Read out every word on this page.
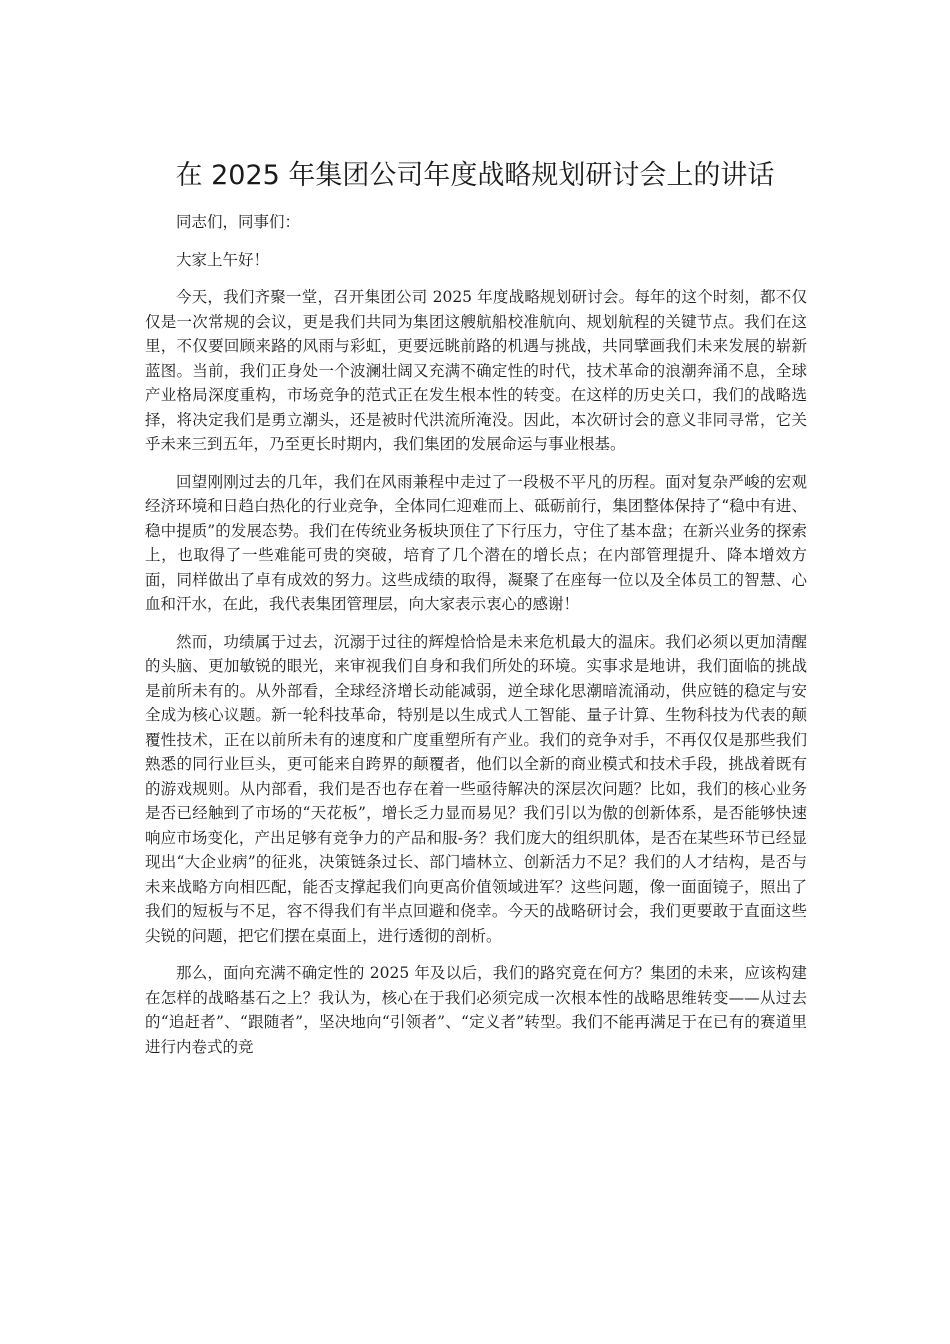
在 2025 年集团公司年度战略规划研讨会上的讲话

同志们，同事们：

大家上午好！

今天，我们齐聚一堂，召开集团公司 2025 年度战略规划研讨会。每年的这个时刻，都不仅仅是一次常规的会议，更是我们共同为集团这艘航船校准航向、规划航程的关键节点。我们在这里，不仅要回顾来路的风雨与彩虹，更要远眺前路的机遇与挑战，共同擘画我们未来发展的崭新蓝图。当前，我们正身处一个波澜壮阔又充满不确定性的时代，技术革命的浪潮奔涌不息，全球产业格局深度重构，市场竞争的范式正在发生根本性的转变。在这样的历史关口，我们的战略选择，将决定我们是勇立潮头，还是被时代洪流所淹没。因此，本次研讨会的意义非同寻常，它关乎未来三到五年，乃至更长时期内，我们集团的发展命运与事业根基。

回望刚刚过去的几年，我们在风雨兼程中走过了一段极不平凡的历程。面对复杂严峻的宏观经济环境和日趋白热化的行业竞争，全体同仁迎难而上、砥砺前行，集团整体保持了“稳中有进、稳中提质”的发展态势。我们在传统业务板块顶住了下行压力，守住了基本盘；在新兴业务的探索上，也取得了一些难能可贵的突破，培育了几个潜在的增长点；在内部管理提升、降本增效方面，同样做出了卓有成效的努力。这些成绩的取得，凝聚了在座每一位以及全体员工的智慧、心血和汗水，在此，我代表集团管理层，向大家表示衷心的感谢！

然而，功绩属于过去，沉溺于过往的辉煌恰恰是未来危机最大的温床。我们必须以更加清醒的头脑、更加敏锐的眼光，来审视我们自身和我们所处的环境。实事求是地讲，我们面临的挑战是前所未有的。从外部看，全球经济增长动能减弱，逆全球化思潮暗流涌动，供应链的稳定与安全成为核心议题。新一轮科技革命，特别是以生成式人工智能、量子计算、生物科技为代表的颠覆性技术，正在以前所未有的速度和广度重塑所有产业。我们的竞争对手，不再仅仅是那些我们熟悉的同行业巨头，更可能来自跨界的颠覆者，他们以全新的商业模式和技术手段，挑战着既有的游戏规则。从内部看，我们是否也存在着一些亟待解决的深层次问题？比如，我们的核心业务是否已经触到了市场的“天花板”，增长乏力显而易见？我们引以为傲的创新体系，是否能够快速响应市场变化，产出足够有竞争力的产品和服-务？我们庞大的组织肌体，是否在某些环节已经显现出“大企业病”的征兆，决策链条过长、部门墙林立、创新活力不足？我们的人才结构，是否与未来战略方向相匹配，能否支撑起我们向更高价值领域进军？这些问题，像一面面镜子，照出了我们的短板与不足，容不得我们有半点回避和侥幸。今天的战略研讨会，我们更要敢于直面这些尖锐的问题，把它们摆在桌面上，进行透彻的剖析。

那么，面向充满不确定性的 2025 年及以后，我们的路究竟在何方？集团的未来，应该构建在怎样的战略基石之上？我认为，核心在于我们必须完成一次根本性的战略思维转变——从过去的“追赶者”、“跟随者”，坚决地向“引领者”、“定义者”转型。我们不能再满足于在已有的赛道里进行内卷式的竞
